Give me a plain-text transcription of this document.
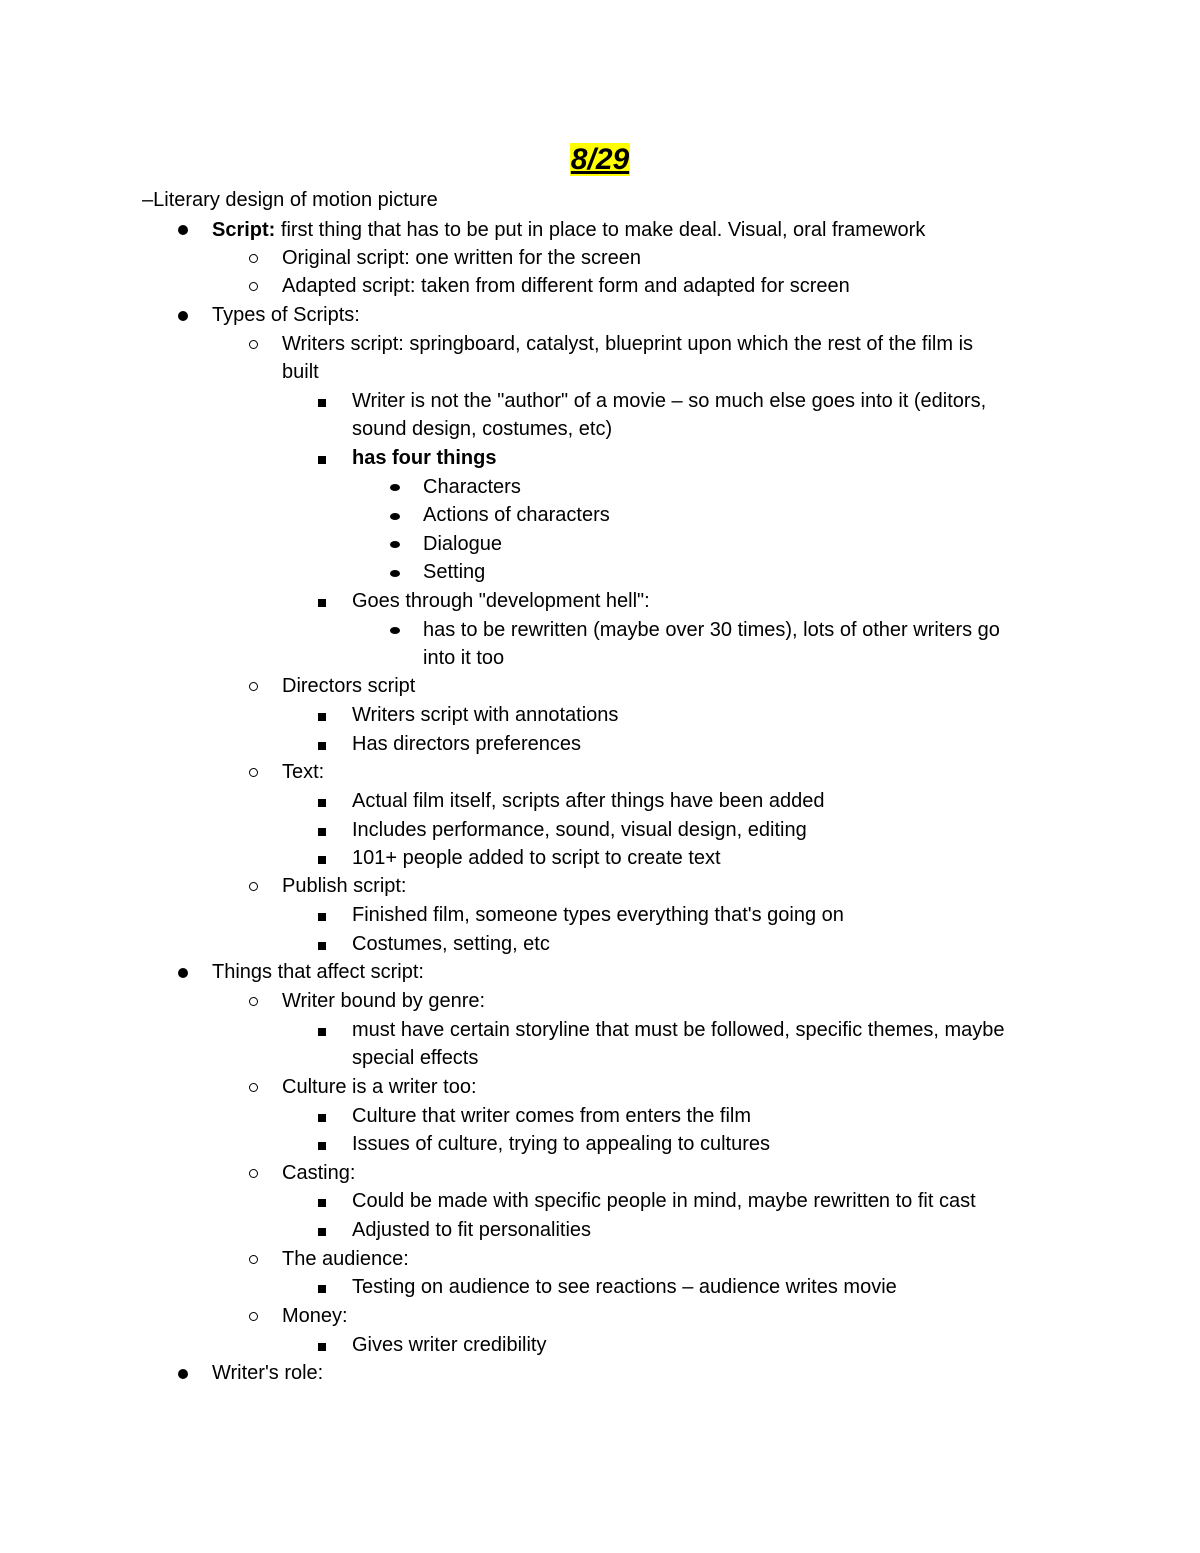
8/29
–Literary design of motion picture
Script: first thing that has to be put in place to make deal. Visual, oral framework
Original script: one written for the screen
Adapted script: taken from different form and adapted for screen
Types of Scripts:
Writers script: springboard, catalyst, blueprint upon which the rest of the film is
built
Writer is not the "author" of a movie – so much else goes into it (editors,
sound design, costumes, etc)
has four things
Characters
Actions of characters
Dialogue
Setting
Goes through "development hell":
has to be rewritten (maybe over 30 times), lots of other writers go
into it too
Directors script
Writers script with annotations
Has directors preferences
Text:
Actual film itself, scripts after things have been added
Includes performance, sound, visual design, editing
101+ people added to script to create text
Publish script:
Finished film, someone types everything that's going on
Costumes, setting, etc
Things that affect script:
Writer bound by genre:
must have certain storyline that must be followed, specific themes, maybe
special effects
Culture is a writer too:
Culture that writer comes from enters the film
Issues of culture, trying to appealing to cultures
Casting:
Could be made with specific people in mind, maybe rewritten to fit cast
Adjusted to fit personalities
The audience:
Testing on audience to see reactions – audience writes movie
Money:
Gives writer credibility
Writer's role:
